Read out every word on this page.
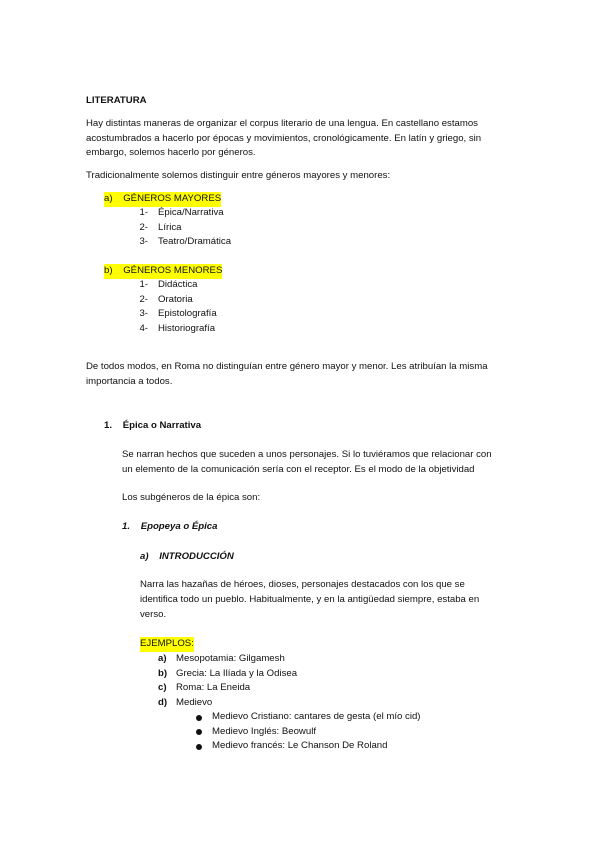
LITERATURA

Hay distintas maneras de organizar el corpus literario de una lengua. En castellano estamos

acostumbrados a hacerlo por épocas y movimientos, cronológicamente. En latín y griego, sin

embargo, solemos hacerlo por géneros.

Tradicionalmente solemos distinguir entre géneros mayores y menores:

a) GÉNEROS MAYORES
1- Épica/Narrativa
2- Lírica
3- Teatro/Dramática
b) GÉNEROS MENORES
1- Didáctica
2- Oratoria
3- Epistolografía
4- Historiografía

De todos modos, en Roma no distinguían entre género mayor y menor. Les atribuían la misma

importancia a todos.

1. Épica o Narrativa

Se narran hechos que suceden a unos personajes. Si lo tuviéramos que relacionar con

un elemento de la comunicación sería con el receptor. Es el modo de la objetividad

Los subgéneros de la épica son:

1. Epopeya o Épica
a) INTRODUCCIÓN

Narra las hazañas de héroes, dioses, personajes destacados con los que se

identifica todo un pueblo. Habitualmente, y en la antigüedad siempre, estaba en

verso.

EJEMPLOS:

a) Mesopotamia: Gilgamesh
b) Grecia: La Ilíada y la Odisea
c) Roma: La Eneida
d) Medievo
Medievo Cristiano: cantares de gesta (el mío cid)
Medievo Inglés: Beowulf
Medievo francés: Le Chanson De Roland
